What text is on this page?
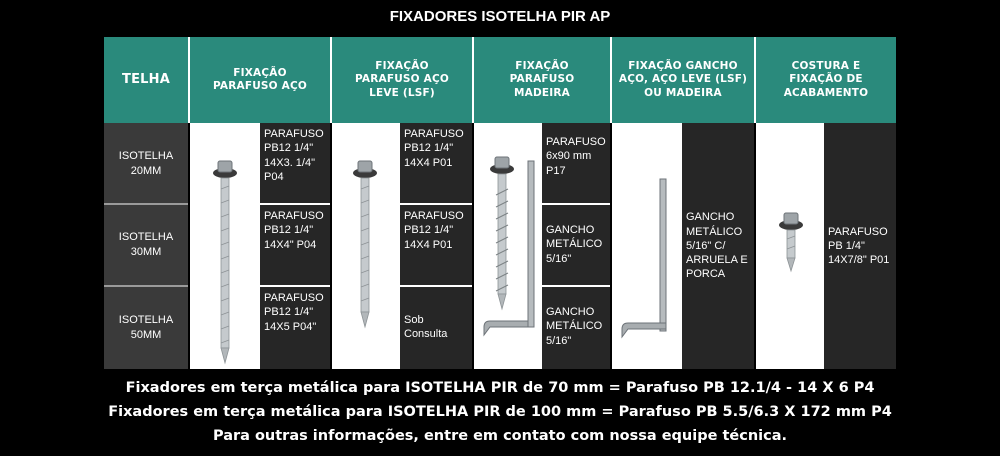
FIXADORES ISOTELHA PIR AP
TELHA	FIXAÇÃO PARAFUSO AÇO
FIXAÇÃO PARAFUSO AÇO LEVE (LSF)
FIXAÇÃO PARAFUSO MADEIRA
FIXAÇÃO GANCHO AÇO, AÇO LEVE (LSF) OU MADEIRA
COSTURA E FIXAÇÃO DE ACABAMENTO
ISOTELHA 20MM
ISOTELHA 30MM
ISOTELHA 50MM
PARAFUSO PB12 1/4" 14X3. 1/4" P04
PARAFUSO PB12 1/4" 14X4" P04
PARAFUSO PB12 1/4" 14X5 P04"
PARAFUSO PB12 1/4" 14X4 P01
PARAFUSO PB12 1/4" 14X4 P01
Sob Consulta
PARAFUSO 6x90 mm P17
GANCHO METÁLICO 5/16"
GANCHO METÁLICO 5/16"
GANCHO METÁLICO 5/16" C/ ARRUELA E PORCA
PARAFUSO PB 1/4" 14X7/8" P01
Fixadores em terça metálica para ISOTELHA PIR de 70 mm = Parafuso PB 12.1/4 - 14 X 6 P4
Fixadores em terça metálica para ISOTELHA PIR de 100 mm = Parafuso PB 5.5/6.3 X 172 mm P4
Para outras informações, entre em contato com nossa equipe técnica.
